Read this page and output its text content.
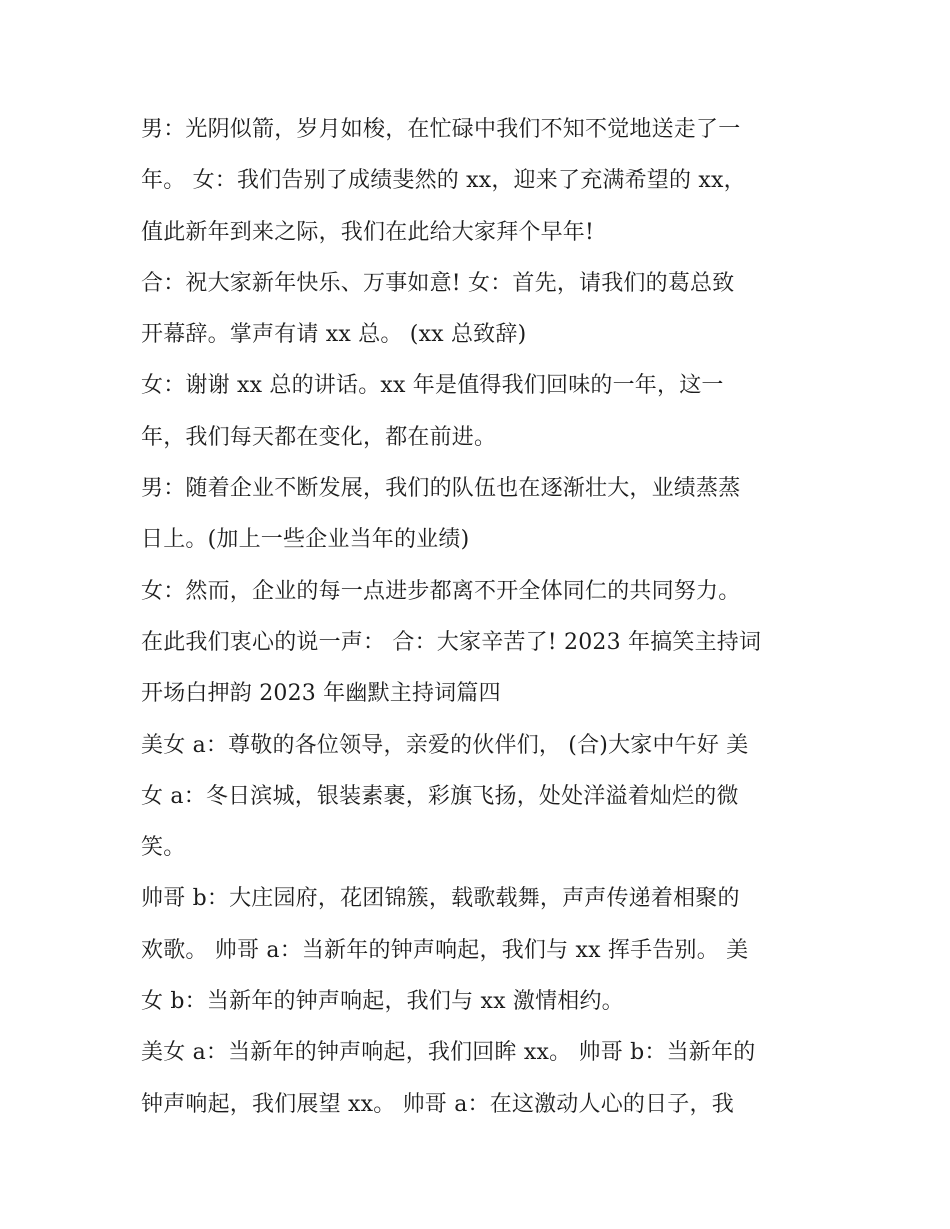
男：光阴似箭，岁月如梭，在忙碌中我们不知不觉地送走了一
年。 女：我们告别了成绩斐然的 xx，迎来了充满希望的 xx，
值此新年到来之际，我们在此给大家拜个早年!
合：祝大家新年快乐、万事如意! 女：首先，请我们的葛总致
开幕辞。掌声有请 xx 总。 (xx 总致辞)
女：谢谢 xx 总的讲话。xx 年是值得我们回味的一年，这一
年，我们每天都在变化，都在前进。
男：随着企业不断发展，我们的队伍也在逐渐壮大，业绩蒸蒸
日上。(加上一些企业当年的业绩)
女：然而，企业的每一点进步都离不开全体同仁的共同努力。
在此我们衷心的说一声： 合：大家辛苦了! 2023 年搞笑主持词
开场白押韵 2023 年幽默主持词篇四
美女 a：尊敬的各位领导，亲爱的伙伴们， (合)大家中午好 美
女 a：冬日滨城，银装素裹，彩旗飞扬，处处洋溢着灿烂的微
笑。
帅哥 b：大庄园府，花团锦簇，载歌载舞，声声传递着相聚的
欢歌。 帅哥 a：当新年的钟声响起，我们与 xx 挥手告别。 美
女 b：当新年的钟声响起，我们与 xx 激情相约。
美女 a：当新年的钟声响起，我们回眸 xx。 帅哥 b：当新年的
钟声响起，我们展望 xx。 帅哥 a：在这激动人心的日子，我
